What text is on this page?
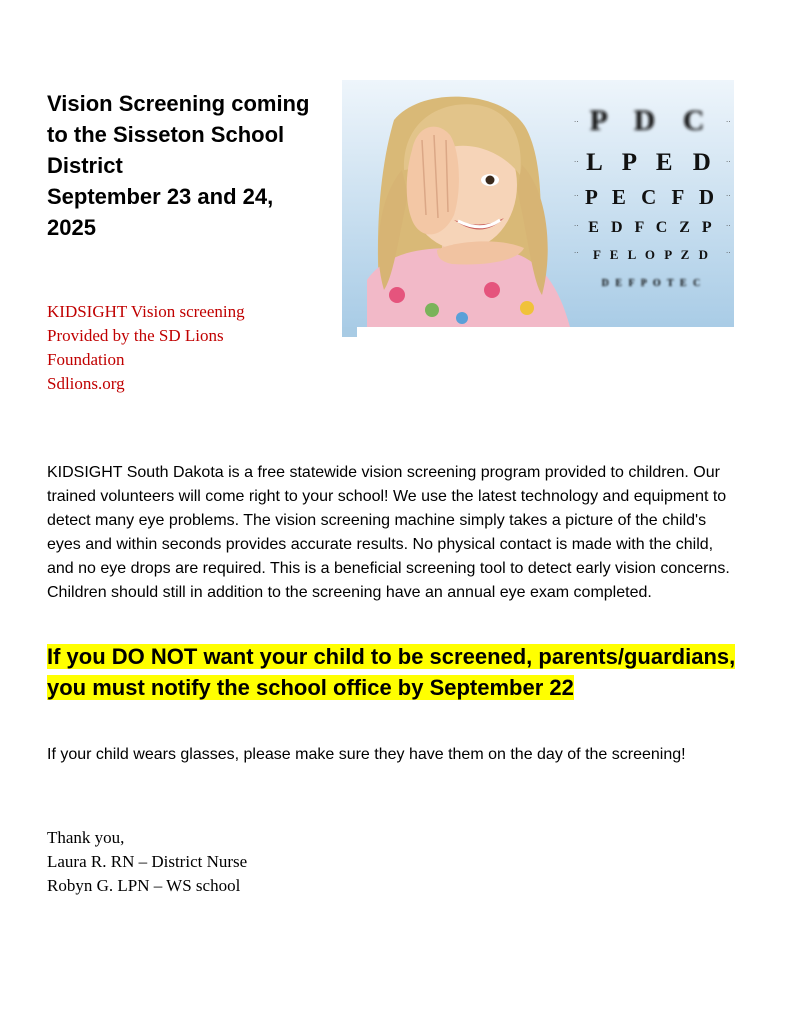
Vision Screening coming
to the Sisseton School
District
September 23 and 24,
2025
KIDSIGHT Vision screening
Provided by the SD Lions
Foundation
Sdlions.org
P D C
L P E D
P E C F D
E D F C Z P
F E L O P Z D
D E F P O T E C
··	··
··	··
··	··
··	··
··	··

KIDSIGHT South Dakota is a free statewide vision screening program provided to children. Our trained volunteers will come right to your school! We use the latest technology and equipment to detect many eye problems. The vision screening machine simply takes a picture of the child's eyes and within seconds provides accurate results. No physical contact is made with the child, and no eye drops are required. This is a beneficial screening tool to detect early vision concerns. Children should still in addition to the screening have an annual eye exam completed.

If you DO NOT want your child to be screened, parents/guardians, you must notify the school office by September 22

If your child wears glasses, please make sure they have them on the day of the screening!

Thank you,
Laura R. RN – District Nurse
Robyn G. LPN – WS school
